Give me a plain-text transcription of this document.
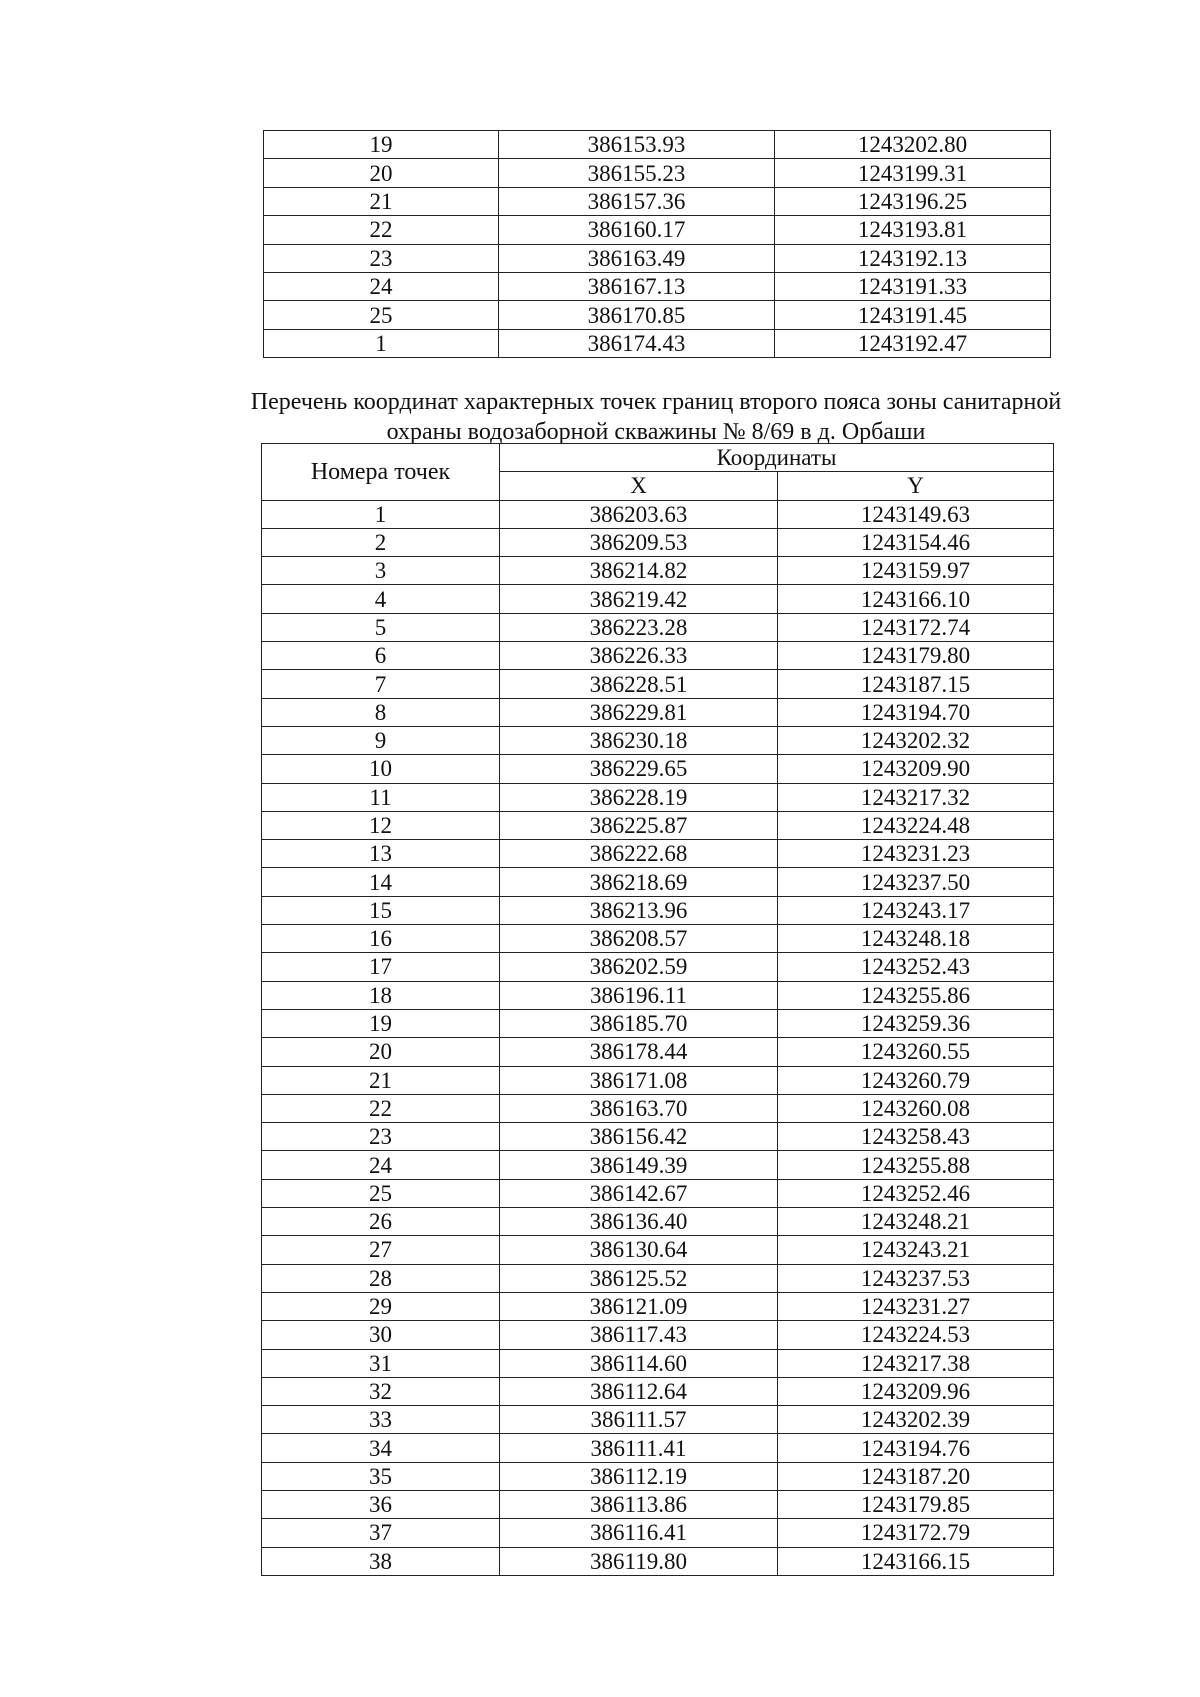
19	386153.93	1243202.80
20	386155.23	1243199.31
21	386157.36	1243196.25
22	386160.17	1243193.81
23	386163.49	1243192.13
24	386167.13	1243191.33
25	386170.85	1243191.45
1	386174.43	1243192.47
Перечень координат характерных точек границ второго пояса зоны санитарной
охраны водозаборной скважины № 8/69 в д. Орбаши
Номера точек	Координаты	
	X	Y
1	386203.63	1243149.63
2	386209.53	1243154.46
3	386214.82	1243159.97
4	386219.42	1243166.10
5	386223.28	1243172.74
6	386226.33	1243179.80
7	386228.51	1243187.15
8	386229.81	1243194.70
9	386230.18	1243202.32
10	386229.65	1243209.90
11	386228.19	1243217.32
12	386225.87	1243224.48
13	386222.68	1243231.23
14	386218.69	1243237.50
15	386213.96	1243243.17
16	386208.57	1243248.18
17	386202.59	1243252.43
18	386196.11	1243255.86
19	386185.70	1243259.36
20	386178.44	1243260.55
21	386171.08	1243260.79
22	386163.70	1243260.08
23	386156.42	1243258.43
24	386149.39	1243255.88
25	386142.67	1243252.46
26	386136.40	1243248.21
27	386130.64	1243243.21
28	386125.52	1243237.53
29	386121.09	1243231.27
30	386117.43	1243224.53
31	386114.60	1243217.38
32	386112.64	1243209.96
33	386111.57	1243202.39
34	386111.41	1243194.76
35	386112.19	1243187.20
36	386113.86	1243179.85
37	386116.41	1243172.79
38	386119.80	1243166.15
